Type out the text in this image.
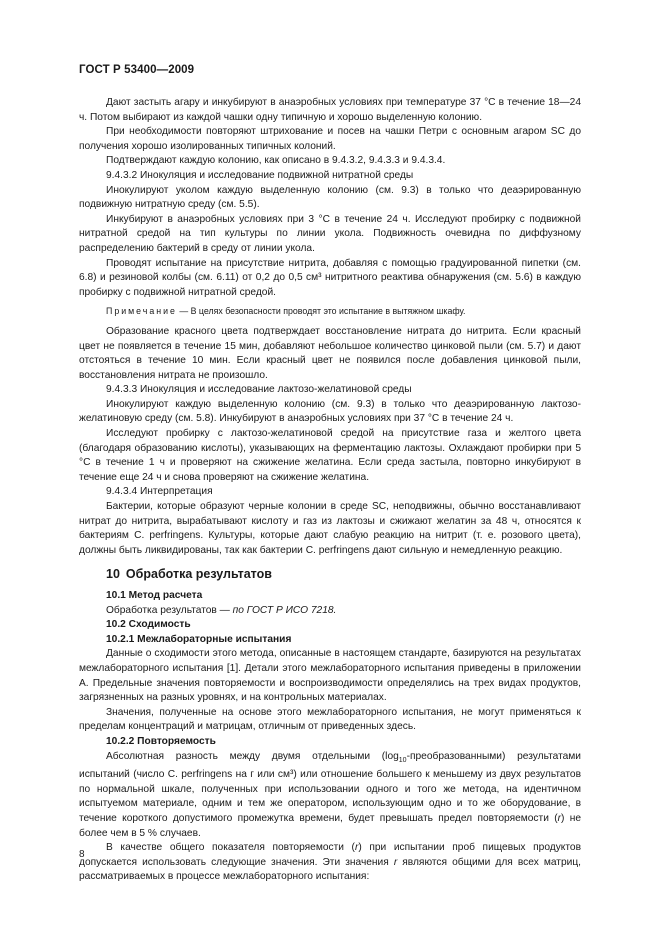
ГОСТ Р 53400—2009

Дают застыть агару и инкубируют в анаэробных условиях при температуре 37 °С в течение 18—24 ч. Потом выбирают из каждой чашки одну типичную и хорошо выделенную колонию.

При необходимости повторяют штрихование и посев на чашки Петри с основным агаром SC до получения хорошо изолированных типичных колоний.

Подтверждают каждую колонию, как описано в 9.4.3.2, 9.4.3.3 и 9.4.3.4.

9.4.3.2 Инокуляция и исследование подвижной нитратной среды

Инокулируют уколом каждую выделенную колонию (см. 9.3) в только что деаэрированную подвижную нитратную среду (см. 5.5).

Инкубируют в анаэробных условиях при 3 °С в течение 24 ч. Исследуют пробирку с подвижной нитратной средой на тип культуры по линии укола. Подвижность очевидна по диффузному распределению бактерий в среду от линии укола.

Проводят испытание на присутствие нитрита, добавляя с помощью градуированной пипетки (см. 6.8) и резиновой колбы (см. 6.11) от 0,2 до 0,5 см³ нитритного реактива обнаружения (см. 5.6) в каждую пробирку с подвижной нитратной средой.

Примечание — В целях безопасности проводят это испытание в вытяжном шкафу.

Образование красного цвета подтверждает восстановление нитрата до нитрита. Если красный цвет не появляется в течение 15 мин, добавляют небольшое количество цинковой пыли (см. 5.7) и дают отстояться в течение 10 мин. Если красный цвет не появился после добавления цинковой пыли, восстановления нитрата не произошло.

9.4.3.3 Инокуляция и исследование лактозо-желатиновой среды

Инокулируют каждую выделенную колонию (см. 9.3) в только что деаэрированную лактозо-желатиновую среду (см. 5.8). Инкубируют в анаэробных условиях при 37 °С в течение 24 ч.

Исследуют пробирку с лактозо-желатиновой средой на присутствие газа и желтого цвета (благодаря образованию кислоты), указывающих на ферментацию лактозы. Охлаждают пробирки при 5 °С в течение 1 ч и проверяют на сжижение желатина. Если среда застыла, повторно инкубируют в течение еще 24 ч и снова проверяют на сжижение желатина.

9.4.3.4 Интерпретация

Бактерии, которые образуют черные колонии в среде SC, неподвижны, обычно восстанавливают нитрат до нитрита, вырабатывают кислоту и газ из лактозы и сжижают желатин за 48 ч, относятся к бактериям С. perfringens. Культуры, которые дают слабую реакцию на нитрит (т. е. розового цвета), должны быть ликвидированы, так как бактерии С. perfringens дают сильную и немедленную реакцию.

10 Обработка результатов

10.1 Метод расчета

Обработка результатов — по ГОСТ Р ИСО 7218.

10.2 Сходимость

10.2.1 Межлабораторные испытания

Данные о сходимости этого метода, описанные в настоящем стандарте, базируются на результатах межлабораторного испытания [1]. Детали этого межлабораторного испытания приведены в приложении А. Предельные значения повторяемости и воспроизводимости определялись на трех видах продуктов, загрязненных на разных уровнях, и на контрольных материалах.

Значения, полученные на основе этого межлабораторного испытания, не могут применяться к пределам концентраций и матрицам, отличным от приведенных здесь.

10.2.2 Повторяемость

Абсолютная разность между двумя отдельными $(\log_{10}-преобразованными)$ результатами испытаний (число С. perfringens на г или см³) или отношение большего к меньшему из двух результатов по нормальной шкале, полученных при использовании одного и того же метода, на идентичном испытуемом материале, одним и тем же оператором, использующим одно и то же оборудование, в течение короткого допустимого промежутка времени, будет превышать предел повторяемости (r) не более чем в 5 % случаев.

В качестве общего показателя повторяемости (r) при испытании проб пищевых продуктов допускается использовать следующие значения. Эти значения r являются общими для всех матриц, рассматриваемых в процессе межлабораторного испытания:

8
